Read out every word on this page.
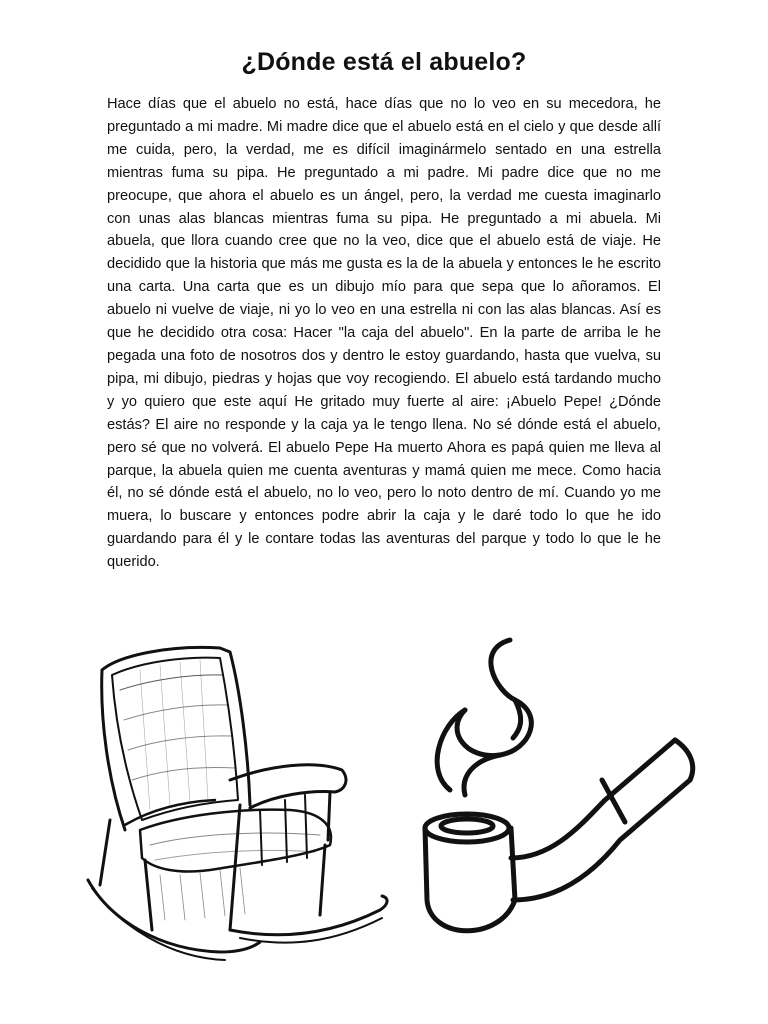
¿Dónde está el abuelo?

Hace días que el abuelo no está, hace días que no lo veo en su mecedora, he preguntado a mi madre. Mi madre dice que el abuelo está en el cielo y que desde allí me cuida, pero, la verdad, me es difícil imaginármelo sentado en una estrella mientras fuma su pipa. He preguntado a mi padre. Mi padre dice que no me preocupe, que ahora el abuelo es un ángel, pero, la verdad me cuesta imaginarlo con unas alas blancas mientras fuma su pipa. He preguntado a mi abuela. Mi abuela, que llora cuando cree que no la veo, dice que el abuelo está de viaje. He decidido que la historia que más me gusta es la de la abuela y entonces le he escrito una carta. Una carta que es un dibujo mío para que sepa que lo añoramos. El abuelo ni vuelve de viaje, ni yo lo veo en una estrella ni con las alas blancas. Así es que he decidido otra cosa: Hacer "la caja del abuelo". En la parte de arriba le he pegada una foto de nosotros dos y dentro le estoy guardando, hasta que vuelva, su pipa, mi dibujo, piedras y hojas que voy recogiendo. El abuelo está tardando mucho y yo quiero que este aquí He gritado muy fuerte al aire: ¡Abuelo Pepe! ¿Dónde estás? El aire no responde y la caja ya le tengo llena. No sé dónde está el abuelo, pero sé que no volverá. El abuelo Pepe Ha muerto Ahora es papá quien me lleva al parque, la abuela quien me cuenta aventuras y mamá quien me mece. Como hacia él, no sé dónde está el abuelo, no lo veo, pero lo noto dentro de mí. Cuando yo me muera, lo buscare y entonces podre abrir la caja y le daré todo lo que he ido guardando para él y le contare todas las aventuras del parque y todo lo que le he querido.
